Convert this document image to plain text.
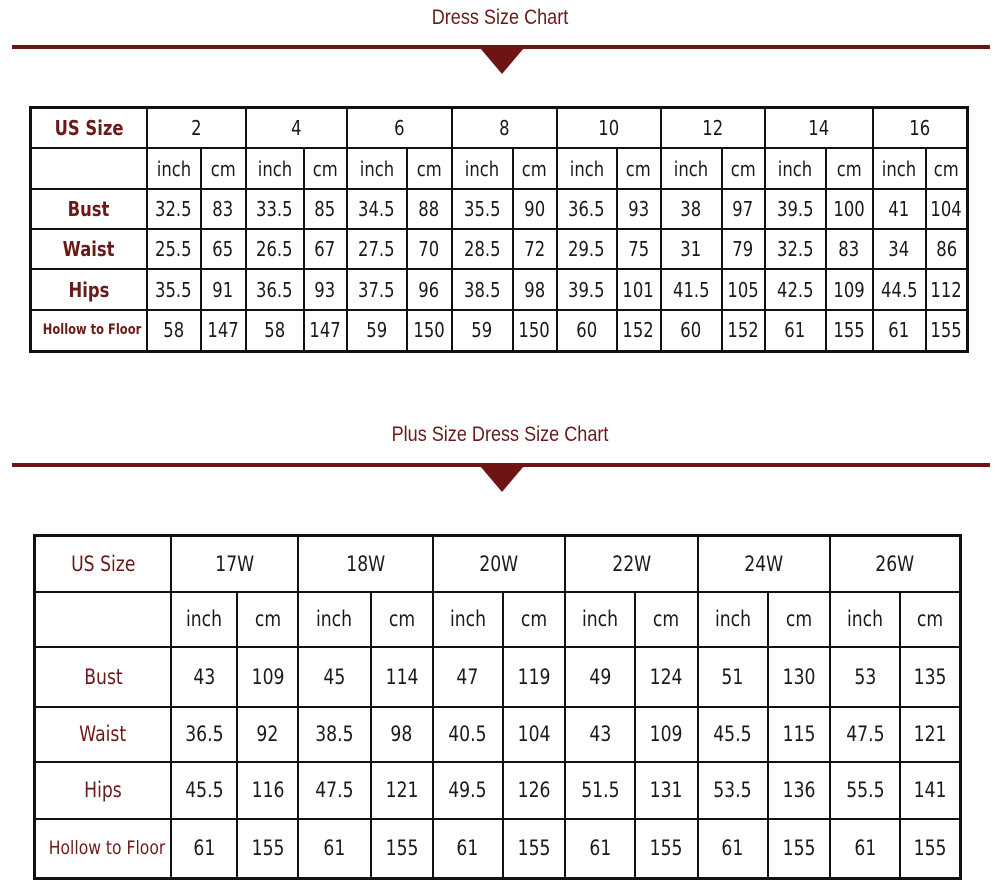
Dress Size Chart
US Size	2		4		6		8		10		12		14		16	
	inch	cm	inch	cm	inch	cm	inch	cm	inch	cm	inch	cm	inch	cm	inch	cm
Bust	32.5	83	33.5	85	34.5	88	35.5	90	36.5	93	38	97	39.5	100	41	104
Waist	25.5	65	26.5	67	27.5	70	28.5	72	29.5	75	31	79	32.5	83	34	86
Hips	35.5	91	36.5	93	37.5	96	38.5	98	39.5	101	41.5	105	42.5	109	44.5	112
Hollow to Floor	58	147	58	147	59	150	59	150	60	152	60	152	61	155	61	155
Plus Size Dress Size Chart
US Size	17W		18W		20W		22W		24W		26W	
	inch	cm	inch	cm	inch	cm	inch	cm	inch	cm	inch	cm
Bust	43	109	45	114	47	119	49	124	51	130	53	135
Waist	36.5	92	38.5	98	40.5	104	43	109	45.5	115	47.5	121
Hips	45.5	116	47.5	121	49.5	126	51.5	131	53.5	136	55.5	141
Hollow to Floor	61	155	61	155	61	155	61	155	61	155	61	155
